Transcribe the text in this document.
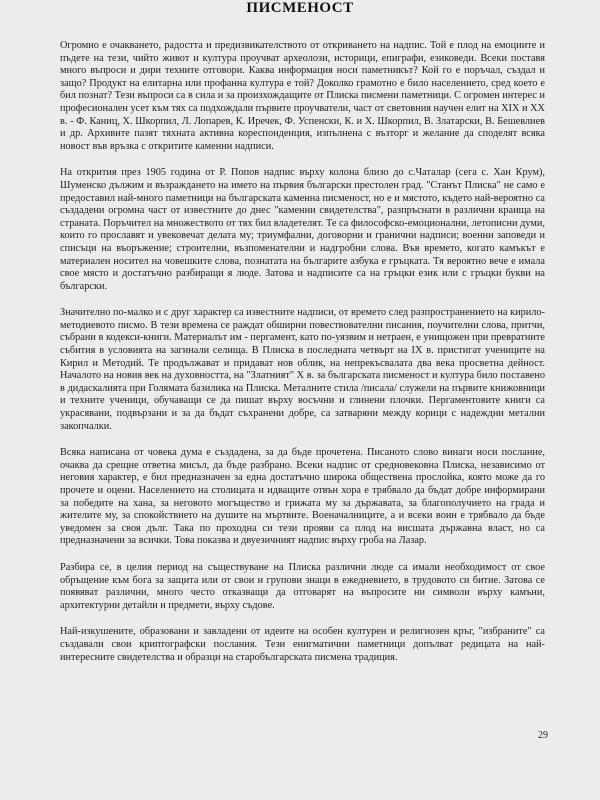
ПИСМЕНОСТ

Огромно е очакването, радостта и предизвикателството от откриването на надпис. Той е плод на емоциите и пъдете на тези, чийто живот и култура проучват археолози, историци, епиграфи, езиковеди. Всеки поставя много въпроси и дири техните отговори. Каква информация носи паметникът? Кой го е поръчал, създал и защо? Продукт на елитарна или профанна култура е той? Доколко грамотно е било населението, сред което е бил познат? Тези въпроси са в сила и за произхождащите от Плиска писмени паметници. С огромен интерес и професионален усет към тях са подхождали първите проучватели, част от световния научен елит на XIX и XX в. - Ф. Каниц, Х. Шкорпил, Л. Лопарев, К. Иречек, Ф. Успенски, К. и Х. Шкорпил, В. Златарски, В. Бешевлиев и др. Архивите пазят тяхната активна кореспонденция, изпълнена с възторг и желание да споделят всяка новост във връзка с откритите каменни надписи.

На открития през 1905 година от Р. Попов надпис върху колона близо до с.Чаталар (сега с. Хан Крум), Шуменско дължим и възраждането на името на първия български престолен град. "Станът Плиска" не само е предоставил най-много паметници на българската каменна писменост, но е и мястото, където най-вероятно са създадени огромна част от известните до днес "каменни свидетелства", разпръснати в различни краища на страната. Поръчител на множеството от тях бил владетелят. Те са философско-емоционални, летописни думи, които го прославят и увековечат делата му; триумфални, договорни и гранични надписи; военни заповеди и списъци на въоръжение; строителни, възпоменателни и надгробни слова. Във времето, когато камъкът е материален носител на човешките слова, познатата на българите азбука е гръцката. Тя вероятно вече е имала свое място и достатъчно разбиращи я люде. Затова и надписите са на гръцки език или с гръцки букви на български.

Значително по-малко и с друг характер са известните надписи, от времето след разпространението на кирило-методиевото писмо. В тези времена се раждат обширни повествователни писания, поучителни слова, притчи, събрани в кодекси-книги. Материалът им - пергамент, като по-уязвим и нетраен, е унищожен при превратните събития в условията на загинали селища. В Плиска в последната четвърт на IX в. пристигат учениците на Кирил и Методий. Те продължават и придават нов облик, на непрекъсвалата два века просветна дейност. Началото на новия век на духовността, на "Златният" Х в. за българската писменост и култура било поставено в дидаскалията при Голямата базилика на Плиска. Металните стила /писала/ служели на първите книжовници и техните ученици, обучаващи се да пишат върху восъчни и глинени плочки. Пергаментовите книги са украсявани, подвързани и за да бъдат съхранени добре, са затваряни между корици с надеждни метални закопчалки.

Всяка написана от човека дума е създадена, за да бъде прочетена. Писаното слово винаги носи послание, очаква да срещне ответна мисъл, да бъде разбрано. Всеки надпис от средновековна Плиска, независимо от неговия характер, е бил предназначен за една достатъчно широка обществена прослойка, която може да го прочете и оцени. Населението на столицата и идващите отвън хора е трябвало да бъдат добре информирани за победите на хана, за неговото могъщество и грижата му за държавата, за благополучието на града и жителите му, за спокойствието на душите на мъртвите. Военачалниците, а и всеки воин е трябвало да бъде уведомен за своя дълг. Така по проходна си тези прояви са плод на висшата държавна власт, но са предназначени за всички. Това показва и двуезичният надпис върху гроба на Лазар.

Разбира се, в целия период на съществуване на Плиска различни люде са имали необходимост от свое обръщение към бога за защита или от свои и групови знаци в ежедневието, в трудовото си битие. Затова се появяват различни, много често отказващи да отговарят на въпросите ни символи върху камъни, архитектурни детайли и предмети, върху съдове.

Най-изкушените, образовани и завладени от идеите на особен културен и религиозен кръг, "избраните" са създавали свои криптографски послания. Тези енигматични паметници допълват редицата на най-интересните свидетелства и образци на старобългарската писмена традиция.

29
